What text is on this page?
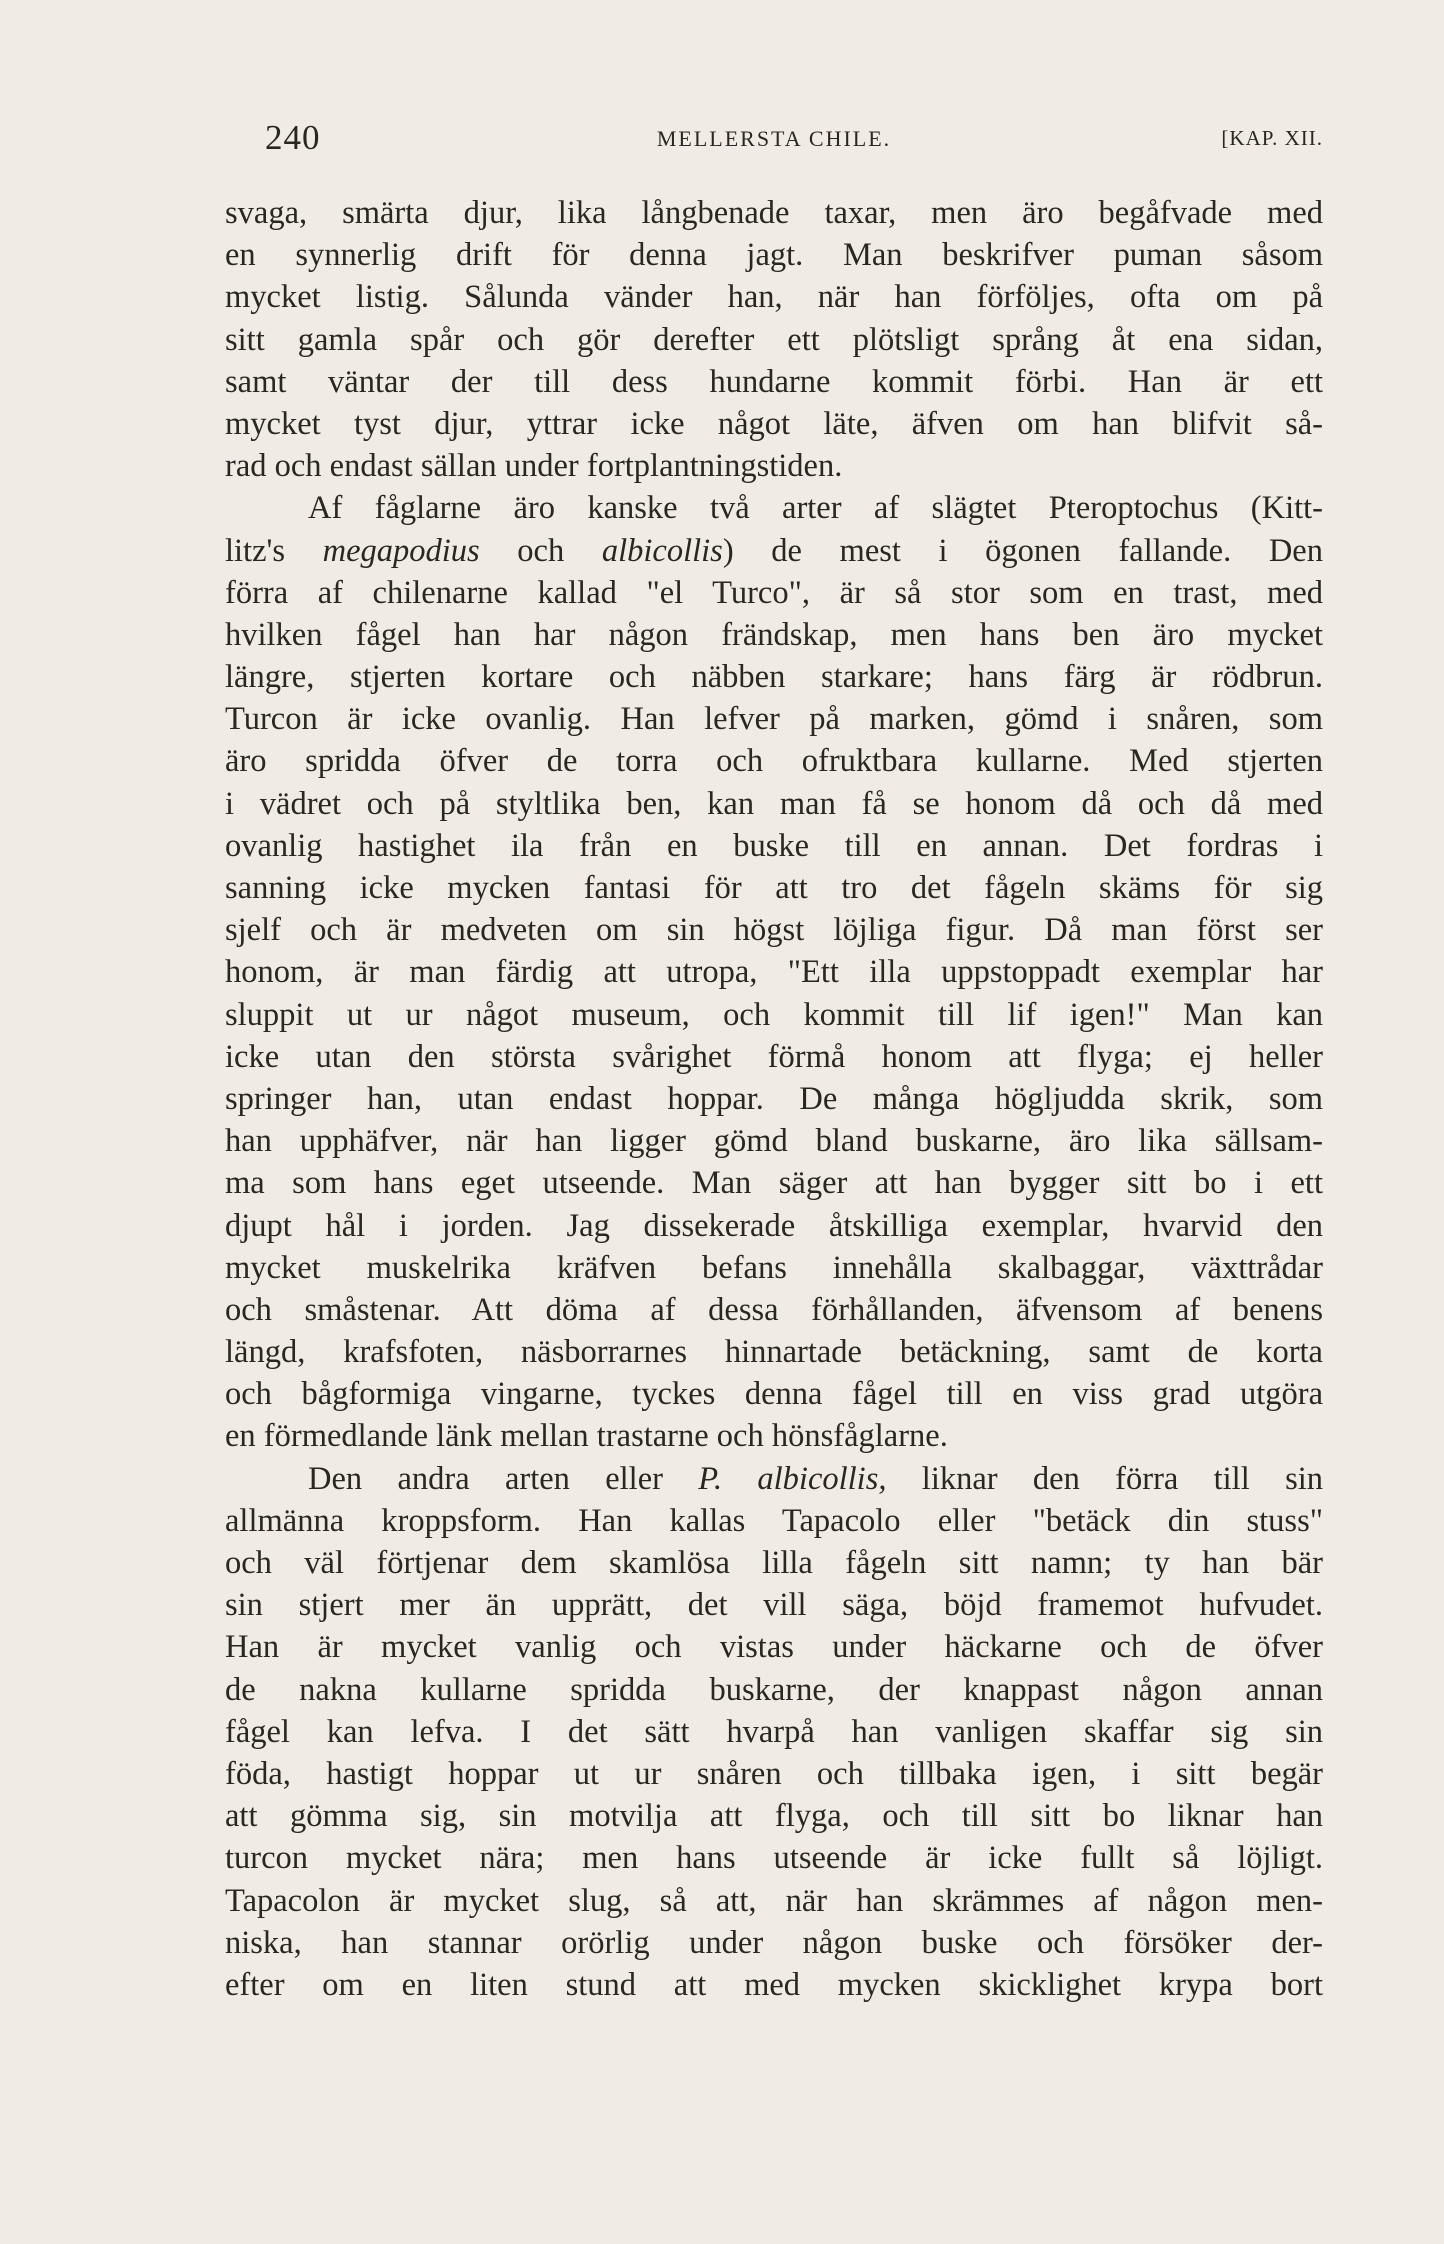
240	MELLERSTA CHILE.	[KAP. XII.
svaga, smärta djur, lika långbenade taxar, men äro begåfvade med
en synnerlig drift för denna jagt. Man beskrifver puman såsom
mycket listig. Sålunda vänder han, när han förföljes, ofta om på
sitt gamla spår och gör derefter ett plötsligt språng åt ena sidan,
samt väntar der till dess hundarne kommit förbi. Han är ett
mycket tyst djur, yttrar icke något läte, äfven om han blifvit så-
rad och endast sällan under fortplantningstiden.
Af fåglarne äro kanske två arter af slägtet Pteroptochus (Kitt-
litz's megapodius och albicollis) de mest i ögonen fallande. Den
förra af chilenarne kallad "el Turco", är så stor som en trast, med
hvilken fågel han har någon frändskap, men hans ben äro mycket
längre, stjerten kortare och näbben starkare; hans färg är rödbrun.
Turcon är icke ovanlig. Han lefver på marken, gömd i snåren, som
äro spridda öfver de torra och ofruktbara kullarne. Med stjerten
i vädret och på styltlika ben, kan man få se honom då och då med
ovanlig hastighet ila från en buske till en annan. Det fordras i
sanning icke mycken fantasi för att tro det fågeln skäms för sig
sjelf och är medveten om sin högst löjliga figur. Då man först ser
honom, är man färdig att utropa, "Ett illa uppstoppadt exemplar har
sluppit ut ur något museum, och kommit till lif igen!" Man kan
icke utan den största svårighet förmå honom att flyga; ej heller
springer han, utan endast hoppar. De många högljudda skrik, som
han upphäfver, när han ligger gömd bland buskarne, äro lika sällsam-
ma som hans eget utseende. Man säger att han bygger sitt bo i ett
djupt hål i jorden. Jag dissekerade åtskilliga exemplar, hvarvid den
mycket muskelrika kräfven befans innehålla skalbaggar, växttrådar
och småstenar. Att döma af dessa förhållanden, äfvensom af benens
längd, krafsfoten, näsborrarnes hinnartade betäckning, samt de korta
och bågformiga vingarne, tyckes denna fågel till en viss grad utgöra
en förmedlande länk mellan trastarne och hönsfåglarne.
Den andra arten eller P. albicollis, liknar den förra till sin
allmänna kroppsform. Han kallas Tapacolo eller "betäck din stuss"
och väl förtjenar dem skamlösa lilla fågeln sitt namn; ty han bär
sin stjert mer än upprätt, det vill säga, böjd framemot hufvudet.
Han är mycket vanlig och vistas under häckarne och de öfver
de nakna kullarne spridda buskarne, der knappast någon annan
fågel kan lefva. I det sätt hvarpå han vanligen skaffar sig sin
föda, hastigt hoppar ut ur snåren och tillbaka igen, i sitt begär
att gömma sig, sin motvilja att flyga, och till sitt bo liknar han
turcon mycket nära; men hans utseende är icke fullt så löjligt.
Tapacolon är mycket slug, så att, när han skrämmes af någon men-
niska, han stannar orörlig under någon buske och försöker der-
efter om en liten stund att med mycken skicklighet krypa bort
